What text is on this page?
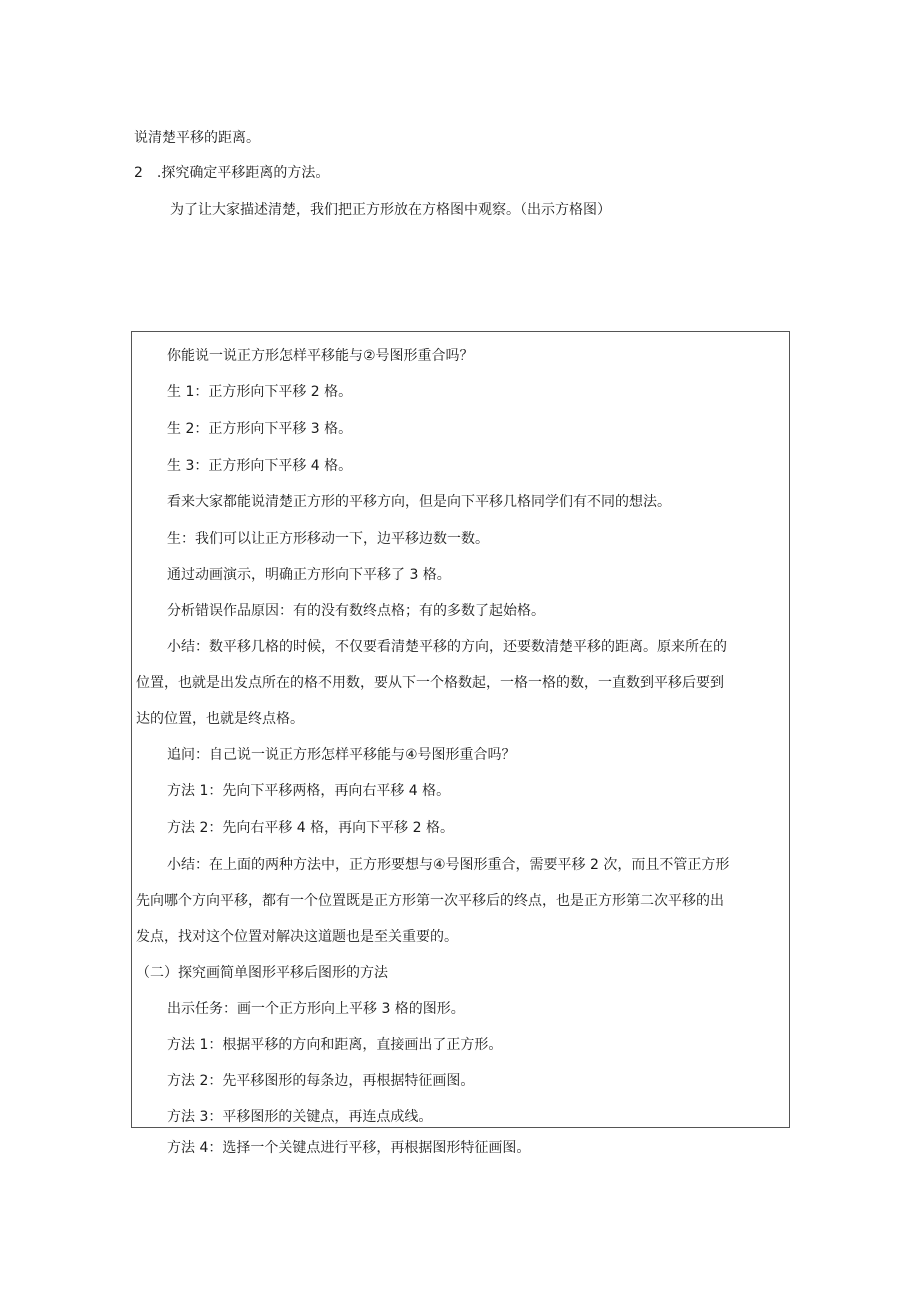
说清楚平移的距离。
2 .探究确定平移距离的方法。
为了让大家描述清楚，我们把正方形放在方格图中观察。（出示方格图）
你能说一说正方形怎样平移能与②号图形重合吗？
生 1：正方形向下平移 2 格。
生 2：正方形向下平移 3 格。
生 3：正方形向下平移 4 格。
看来大家都能说清楚正方形的平移方向，但是向下平移几格同学们有不同的想法。
生：我们可以让正方形移动一下，边平移边数一数。
通过动画演示，明确正方形向下平移了 3 格。
分析错误作品原因：有的没有数终点格；有的多数了起始格。
小结：数平移几格的时候，不仅要看清楚平移的方向，还要数清楚平移的距离。原来所在的
位置，也就是出发点所在的格不用数，要从下一个格数起，一格一格的数，一直数到平移后要到
达的位置，也就是终点格。
追问：自己说一说正方形怎样平移能与④号图形重合吗？
方法 1：先向下平移两格，再向右平移 4 格。
方法 2：先向右平移 4 格，再向下平移 2 格。
小结：在上面的两种方法中，正方形要想与④号图形重合，需要平移 2 次，而且不管正方形
先向哪个方向平移，都有一个位置既是正方形第一次平移后的终点，也是正方形第二次平移的出
发点，找对这个位置对解决这道题也是至关重要的。
（二）探究画简单图形平移后图形的方法
出示任务：画一个正方形向上平移 3 格的图形。
方法 1：根据平移的方向和距离，直接画出了正方形。
方法 2：先平移图形的每条边，再根据特征画图。
方法 3：平移图形的关键点，再连点成线。
方法 4：选择一个关键点进行平移，再根据图形特征画图。
